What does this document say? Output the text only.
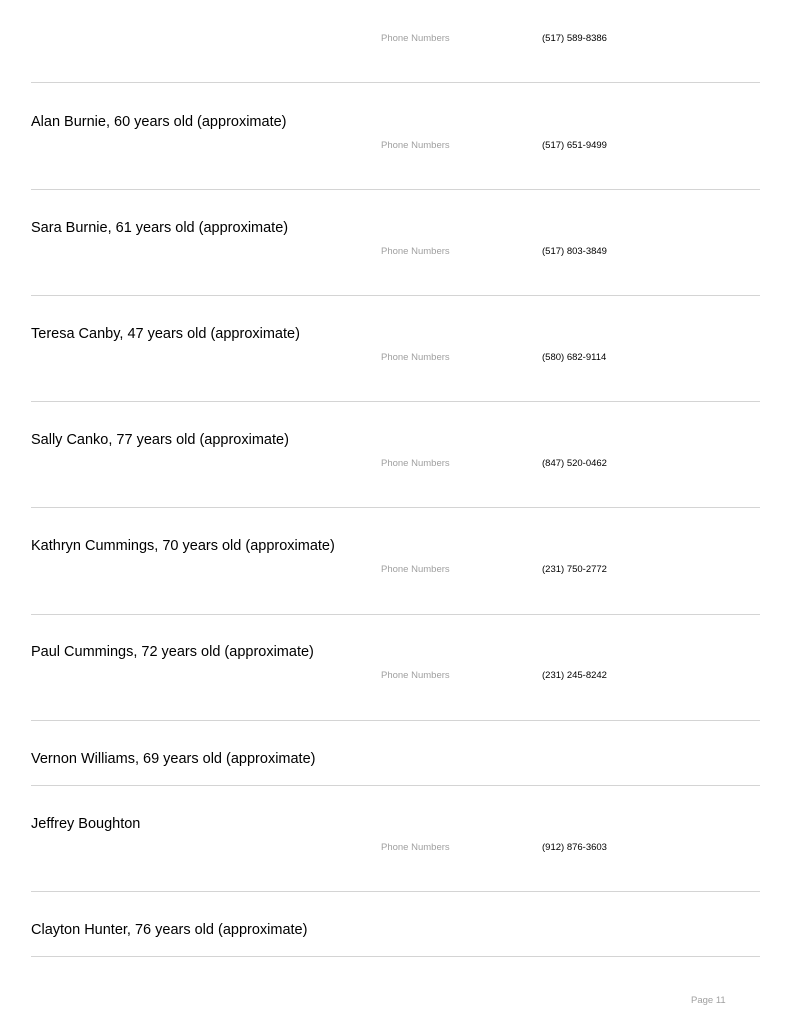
Phone Numbers	(517) 589-8386
Alan Burnie, 60 years old (approximate)
Phone Numbers	(517) 651-9499
Sara Burnie, 61 years old (approximate)
Phone Numbers	(517) 803-3849
Teresa Canby, 47 years old (approximate)
Phone Numbers	(580) 682-9114
Sally Canko, 77 years old (approximate)
Phone Numbers	(847) 520-0462
Kathryn Cummings, 70 years old (approximate)
Phone Numbers	(231) 750-2772
Paul Cummings, 72 years old (approximate)
Phone Numbers	(231) 245-8242
Vernon Williams, 69 years old (approximate)
Jeffrey Boughton
Phone Numbers	(912) 876-3603
Clayton Hunter, 76 years old (approximate)
Page 11
